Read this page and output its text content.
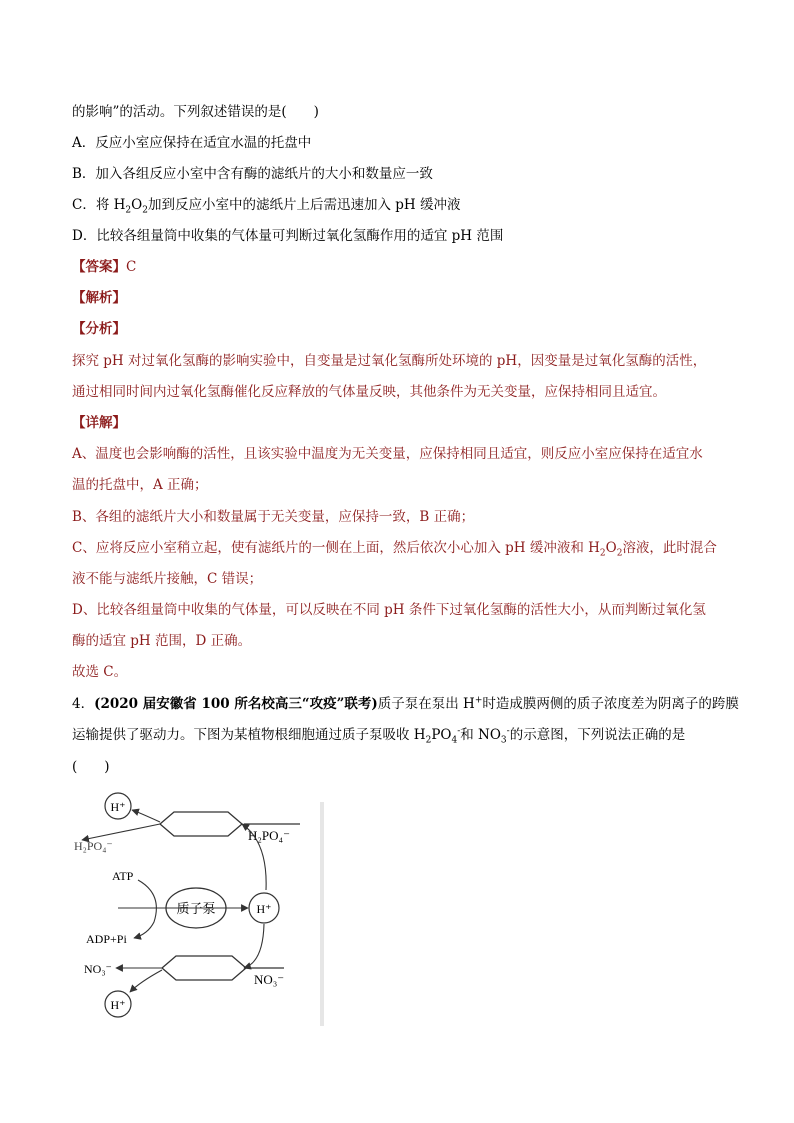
的影响”的活动。下列叙述错误的是(　　)
A．反应小室应保持在适宜水温的托盘中
B．加入各组反应小室中含有酶的滤纸片的大小和数量应一致
C．将 $H_2O_2$加到反应小室中的滤纸片上后需迅速加入 pH 缓冲液
D．比较各组量筒中收集的气体量可判断过氧化氢酶作用的适宜 pH 范围
【答案】C
【解析】
【分析】
探究 pH 对过氧化氢酶的影响实验中，自变量是过氧化氢酶所处环境的 pH，因变量是过氧化氢酶的活性，
通过相同时间内过氧化氢酶催化反应释放的气体量反映，其他条件为无关变量，应保持相同且适宜。
【详解】
A、温度也会影响酶的活性，且该实验中温度为无关变量，应保持相同且适宜，则反应小室应保持在适宜水
温的托盘中，A 正确；
B、各组的滤纸片大小和数量属于无关变量，应保持一致，B 正确；
C、应将反应小室稍立起，使有滤纸片的一侧在上面，然后依次小心加入 pH 缓冲液和 $H_2O_2$溶液，此时混合
液不能与滤纸片接触，C 错误；
D、比较各组量筒中收集的气体量，可以反映在不同 pH 条件下过氧化氢酶的活性大小，从而判断过氧化氢
酶的适宜 pH 范围，D 正确。
故选 C。
4．(2020 届安徽省 100 所名校高三“攻疫”联考)质子泵在泵出 H+时造成膜两侧的质子浓度差为阴离子的跨膜
运输提供了驱动力。下图为某植物根细胞通过质子泵吸收 $H_2PO_4^-$和 $NO_3^-$的示意图，下列说法正确的是
(　　)
H⁺
H₂PO₄⁻
H₂PO₄⁻
质子泵
ATP
ADP+Pi
H⁺
NO₃⁻
NO₃⁻
H⁺
